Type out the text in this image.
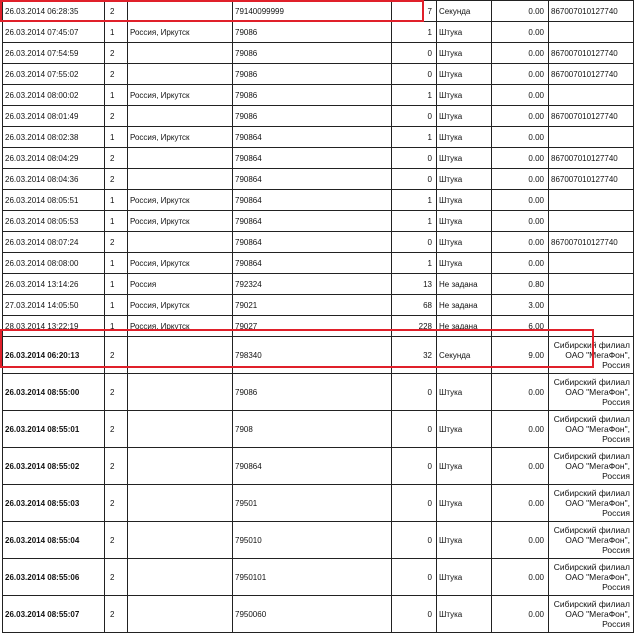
26.03.2014 06:28:35	2		79140099999	7	Секунда	0.00	867007010127740
26.03.2014 07:45:07	1	Россия, Иркутск	79086	1	Штука	0.00	
26.03.2014 07:54:59	2		79086	0	Штука	0.00	867007010127740
26.03.2014 07:55:02	2		79086	0	Штука	0.00	867007010127740
26.03.2014 08:00:02	1	Россия, Иркутск	79086	1	Штука	0.00	
26.03.2014 08:01:49	2		79086	0	Штука	0.00	867007010127740
26.03.2014 08:02:38	1	Россия, Иркутск	790864	1	Штука	0.00	
26.03.2014 08:04:29	2		790864	0	Штука	0.00	867007010127740
26.03.2014 08:04:36	2		790864	0	Штука	0.00	867007010127740
26.03.2014 08:05:51	1	Россия, Иркутск	790864	1	Штука	0.00	
26.03.2014 08:05:53	1	Россия, Иркутск	790864	1	Штука	0.00	
26.03.2014 08:07:24	2		790864	0	Штука	0.00	867007010127740
26.03.2014 08:08:00	1	Россия, Иркутск	790864	1	Штука	0.00	
26.03.2014 13:14:26	1	Россия	792324	13	Не задана	0.80	
27.03.2014 14:05:50	1	Россия, Иркутск	79021	68	Не задана	3.00	
28.03.2014 13:22:19	1	Россия, Иркутск	79027	228	Не задана	6.00	
26.03.2014 06:20:13	2		798340	32	Секунда	9.00	Сибирский филиал ОАО "МегаФон", Россия
26.03.2014 08:55:00	2		79086	0	Штука	0.00	Сибирский филиал ОАО "МегаФон", Россия
26.03.2014 08:55:01	2		7908	0	Штука	0.00	Сибирский филиал ОАО "МегаФон", Россия
26.03.2014 08:55:02	2		790864	0	Штука	0.00	Сибирский филиал ОАО "МегаФон", Россия
26.03.2014 08:55:03	2		79501	0	Штука	0.00	Сибирский филиал ОАО "МегаФон", Россия
26.03.2014 08:55:04	2		795010	0	Штука	0.00	Сибирский филиал ОАО "МегаФон", Россия
26.03.2014 08:55:06	2		7950101	0	Штука	0.00	Сибирский филиал ОАО "МегаФон", Россия
26.03.2014 08:55:07	2		7950060	0	Штука	0.00	Сибирский филиал ОАО "МегаФон", Россия
